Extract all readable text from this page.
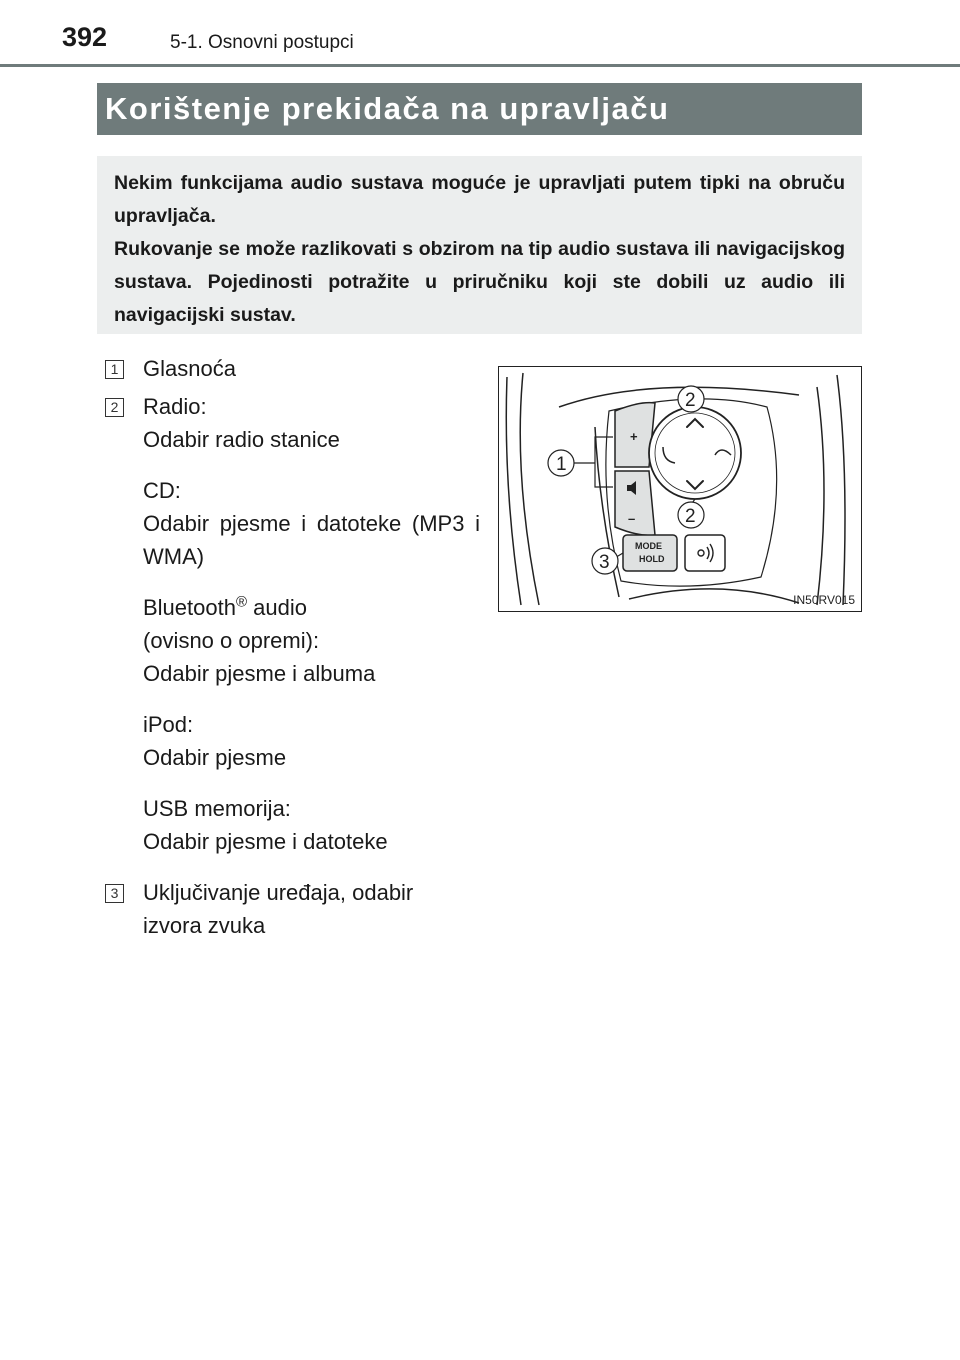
392	5-1. Osnovni postupci
Korištenje prekidača na upravljaču

Nekim funkcijama audio sustava moguće je upravljati putem tipki na obruču upravljača.

Rukovanje se može razlikovati s obzirom na tip audio sustava ili navigacijskog sustava. Pojedinosti potražite u priručniku koji ste dobili uz audio ili navigacijski sustav.

1 Glasnoća
2 Radio:
Odabir radio stanice
CD:
Odabir pjesme i datoteke (MP3 i WMA)
Bluetooth® audio
(ovisno o opremi):
Odabir pjesme i albuma
iPod:
Odabir pjesme
USB memorija:
Odabir pjesme i datoteke
3 Uključivanje uređaja, odabir izvora zvuka
+
–
MODE
HOLD
1
2
2
3
IN50RV015
